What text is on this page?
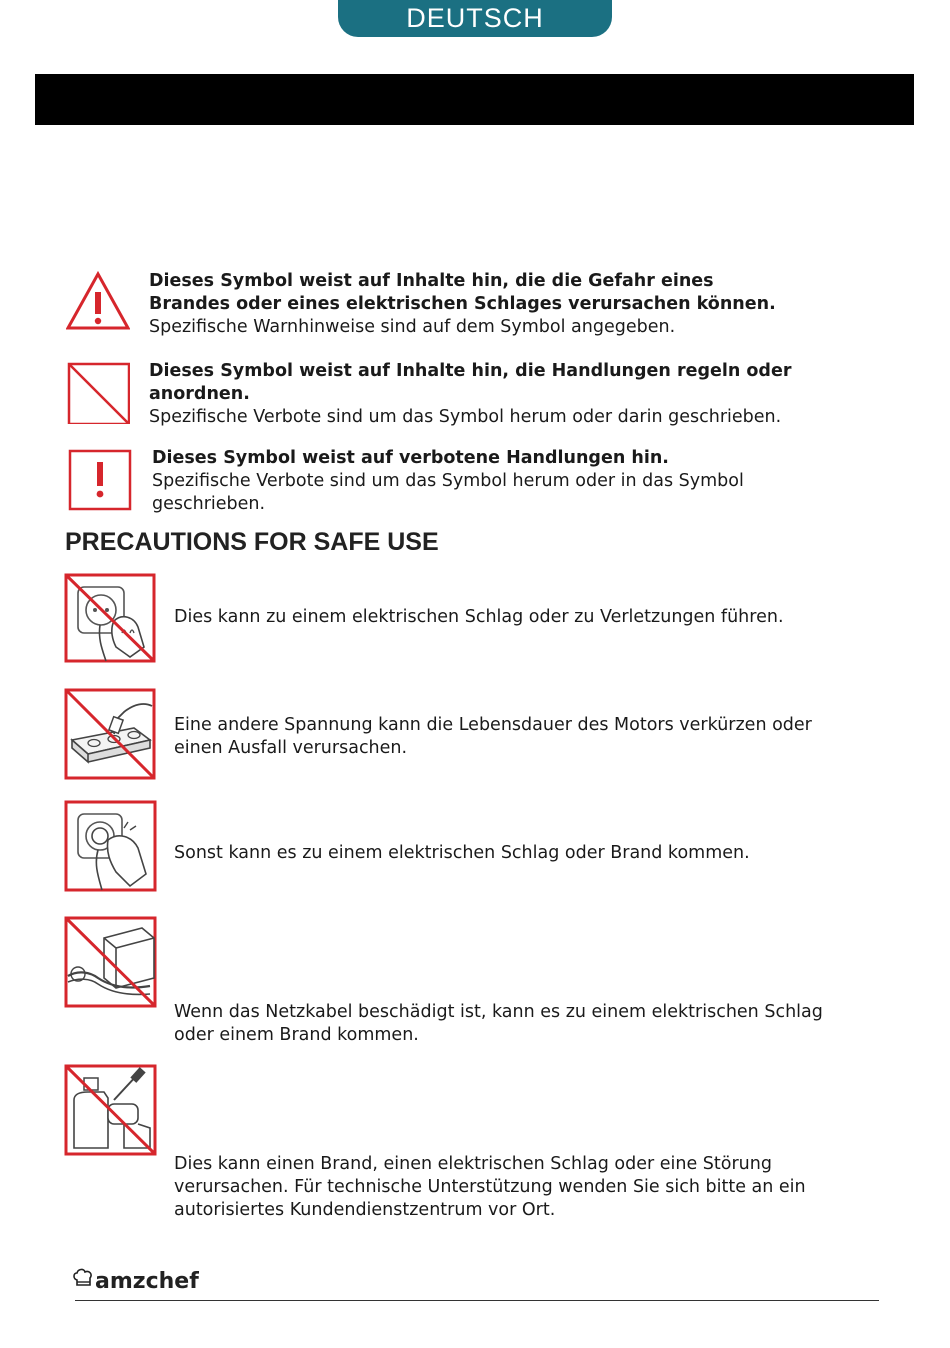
DEUTSCH
Dieses Symbol weist auf Inhalte hin, die die Gefahr eines Brandes oder eines elektrischen Schlages verursachen können.
Spezifische Warnhinweise sind auf dem Symbol angegeben.
Dieses Symbol weist auf Inhalte hin, die Handlungen regeln oder anordnen.
Spezifische Verbote sind um das Symbol herum oder darin geschrieben.
Dieses Symbol weist auf verbotene Handlungen hin.
Spezifische Verbote sind um das Symbol herum oder in das Symbol geschrieben.
PRECAUTIONS FOR SAFE USE
Dies kann zu einem elektrischen Schlag oder zu Verletzungen führen.
Eine andere Spannung kann die Lebensdauer des Motors verkürzen oder einen Ausfall verursachen.
Sonst kann es zu einem elektrischen Schlag oder Brand kommen.
Wenn das Netzkabel beschädigt ist, kann es zu einem elektrischen Schlag oder einem Brand kommen.
Dies kann einen Brand, einen elektrischen Schlag oder eine Störung verursachen. Für technische Unterstützung wenden Sie sich bitte an ein autorisiertes Kundendienstzentrum vor Ort.
amzchef
